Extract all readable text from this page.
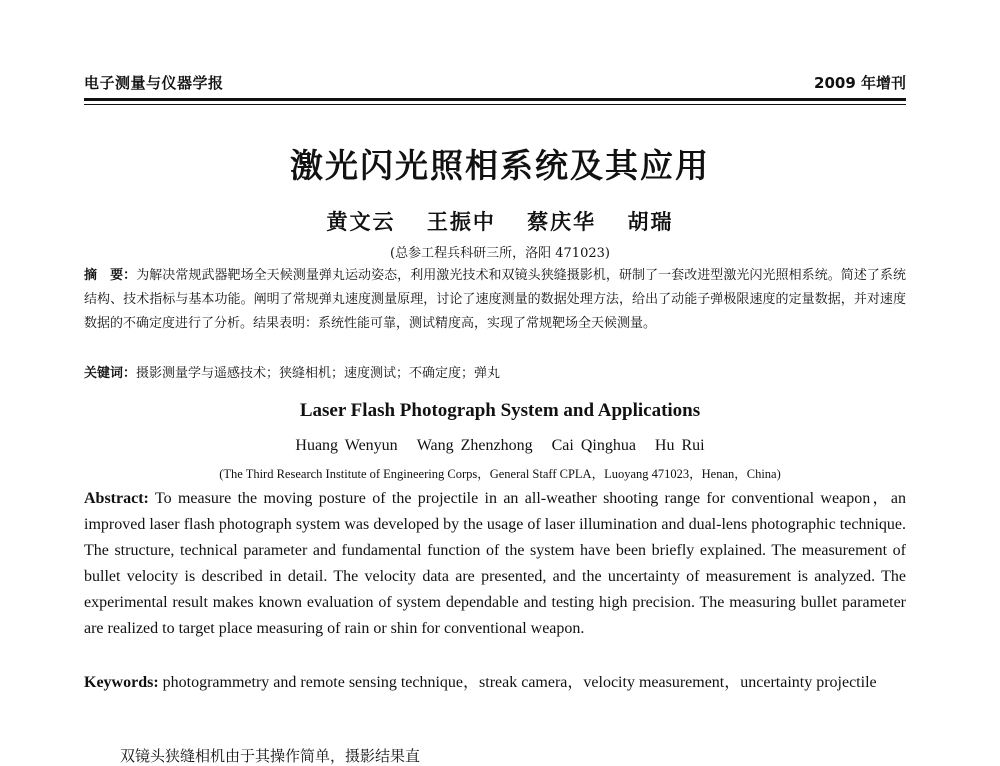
电子测量与仪器学报	2009 年增刊
激光闪光照相系统及其应用
黄文云 王振中 蔡庆华 胡瑞
(总参工程兵科研三所，洛阳 471023)
摘　要：为解决常规武器靶场全天候测量弹丸运动姿态，利用激光技术和双镜头狭缝摄影机，研制了一套改进型激光闪光照相系统。简述了系统结构、技术指标与基本功能。阐明了常规弹丸速度测量原理，讨论了速度测量的数据处理方法，给出了动能子弹极限速度的定量数据，并对速度数据的不确定度进行了分析。结果表明：系统性能可靠，测试精度高，实现了常规靶场全天候测量。
关键词：摄影测量学与遥感技术；狭缝相机；速度测试；不确定度；弹丸
Laser Flash Photograph System and Applications
Huang Wenyun Wang Zhenzhong Cai Qinghua Hu Rui
(The Third Research Institute of Engineering Corps，General Staff CPLA，Luoyang 471023，Henan，China)
Abstract: To measure the moving posture of the projectile in an all-weather shooting range for conventional weapon，an improved laser flash photograph system was developed by the usage of laser illumination and dual-lens photographic technique. The structure, technical parameter and fundamental function of the system have been briefly explained. The measurement of bullet velocity is described in detail. The velocity data are presented, and the uncertainty of measurement is analyzed. The experimental result makes known evaluation of system dependable and testing high precision. The measuring bullet parameter are realized to target place measuring of rain or shin for conventional weapon.
Keywords: photogrammetry and remote sensing technique，streak camera，velocity measurement，uncertainty projectile
双镜头狭缝相机由于其操作简单，摄影结果直
